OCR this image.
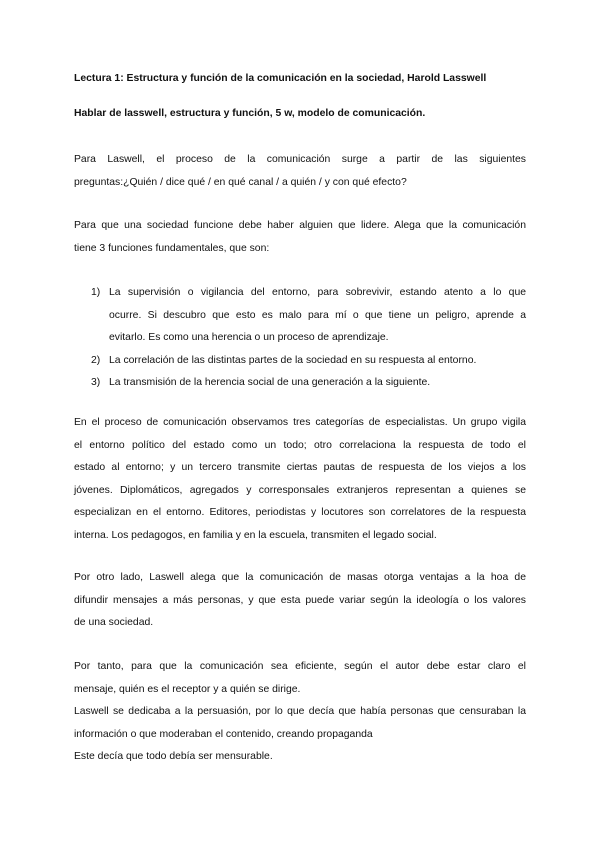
Lectura 1: Estructura y función de la comunicación en la sociedad, Harold Lasswell

Hablar de lasswell, estructura y función, 5 w, modelo de comunicación.

Para Laswell, el proceso de la comunicación surge a partir de las siguientes
preguntas:¿Quién / dice qué / en qué canal / a quién / y con qué efecto?

Para que una sociedad funcione debe haber alguien que lidere. Alega que la comunicación
tiene 3 funciones fundamentales, que son:

1) La supervisión o vigilancia del entorno, para sobrevivir, estando atento a lo que
ocurre. Si descubro que esto es malo para mí o que tiene un peligro, aprende a
evitarlo. Es como una herencia o un proceso de aprendizaje.
2) La correlación de las distintas partes de la sociedad en su respuesta al entorno.
3) La transmisión de la herencia social de una generación a la siguiente.

En el proceso de comunicación observamos tres categorías de especialistas. Un grupo vigila
el entorno político del estado como un todo; otro correlaciona la respuesta de todo el
estado al entorno; y un tercero transmite ciertas pautas de respuesta de los viejos a los
jóvenes. Diplomáticos, agregados y corresponsales extranjeros representan a quienes se
especializan en el entorno. Editores, periodistas y locutores son correlatores de la respuesta
interna. Los pedagogos, en familia y en la escuela, transmiten el legado social.

Por otro lado, Laswell alega que la comunicación de masas otorga ventajas a la hoa de
difundir mensajes a más personas, y que esta puede variar según la ideología o los valores
de una sociedad.

Por tanto, para que la comunicación sea eficiente, según el autor debe estar claro el
mensaje, quién es el receptor y a quién se dirige.

Laswell se dedicaba a la persuasión, por lo que decía que había personas que censuraban la
información o que moderaban el contenido, creando propaganda

Este decía que todo debía ser mensurable.
